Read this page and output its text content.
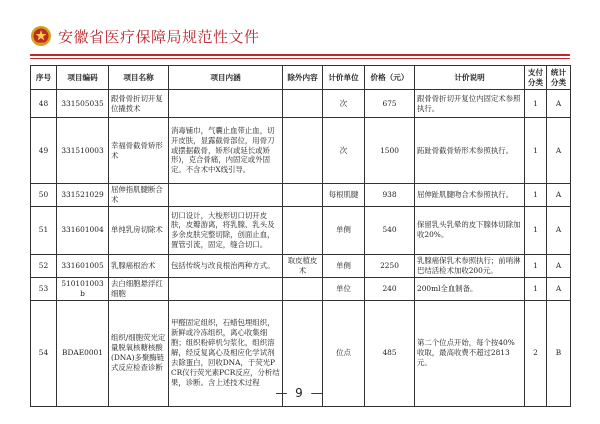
安徽省医疗保障局规范性文件
序号	项目编码	项目名称	项目内涵	除外内容	计价单位	价格（元）	计价说明	支付分类	统计分类
48	331505035	跟骨骨折切开复位撬拨术			次	675	跟骨骨折切开复位内固定术参照执行。	1	A
49	331510003	幸福骨截骨矫形术	消毒铺巾，气囊止血带止血，切开皮肤，显露截骨部位，用骨刀或摆据截骨，矫形(或延长或矫形)，克合骨痛，内固定或外固定。不含术中X线引导。		次	1500	跖趾骨截骨矫形术参照执行。	1	A
50	331521029	屈伸指肌腱断合术			每根肌腱	938	屈伸趾肌腱吻合术参照执行。	1	A
51	331601004	单纯乳房切除术	切口设计，大梭形切口切开皮肤，皮瓣游离，将乳腺、乳头及多余皮肤完整切除，创面止血，置管引流，固定，缝合切口。		单侧	540	保留乳头乳晕的皮下腺体切除加收20%。	1	A
52	331601005	乳腺癌根治术	包括传统与改良根治两种方式。	取皮植皮术	单侧	2250	乳腺癌保乳术参照执行；前哨淋巴结活检术加收200元。	1	A
53	510101003b	去白细胞悬浮红细胞			单位	240	200ml全血制备。	1	A
54	BDAE0001	组织/细胞荧光定量脱氧核糖核酸(DNA)多聚酶链式反应检查诊断	甲醛固定组织，石蜡包埋组织，新鲜或冷冻组织，离心收集细胞；组织粉碎机匀浆化，组织溶解，经反复离心及相应化学试剂去除蛋白，回收DNA，于荧光PCR仪行荧光素PCR反应，分析结果，诊断。含上述技术过程		位点	485	第二个位点开始，每个按40%收取，最高收费不超过2813元。	2	B
— 9 —
